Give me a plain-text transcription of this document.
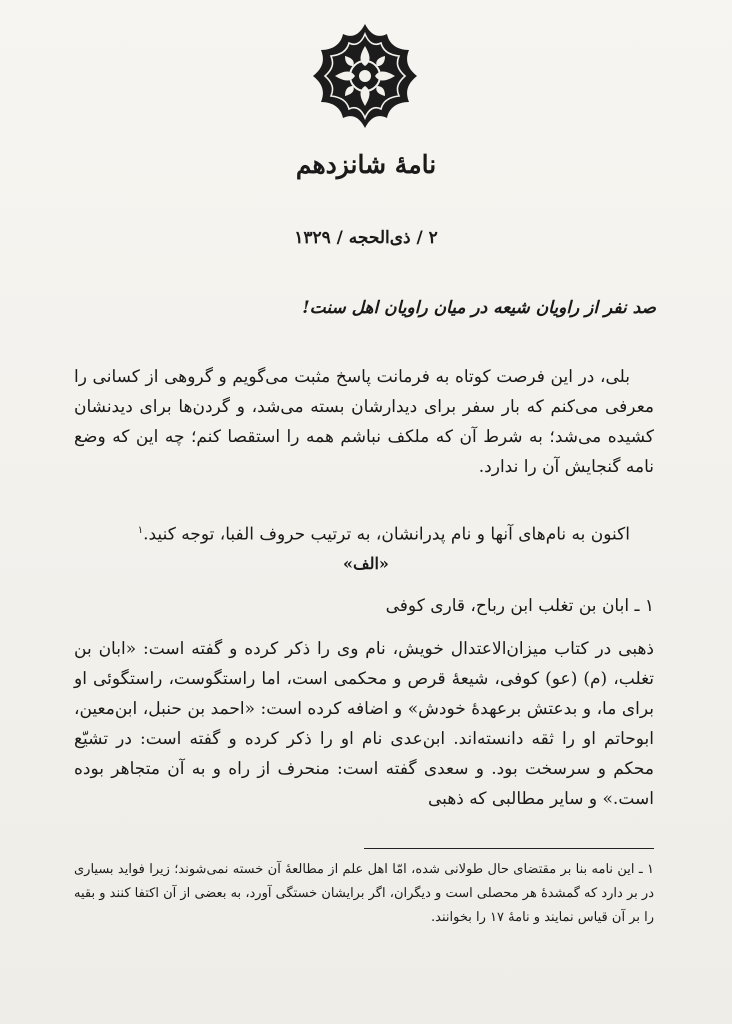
نامهٔ شانزدهم
۲ / ذی‌الحجه / ۱۳۲۹
صد نفر از راویان شیعه در میان راویان اهل سنت!

بلی، در این فرصت کوتاه به فرمانت پاسخ مثبت می‌گویم و گروهی از کسانی را معرفی می‌کنم که بار سفر برای دیدارشان بسته می‌شد، و گردن‌ها برای دیدنشان کشیده می‌شد؛ به شرط آن که ملکف نباشم همه را استقصا کنم؛ چه این که وضع نامه گنجایش آن را ندارد.

اکنون به نام‌های آنها و نام پدرانشان، به ترتیب حروف الفبا، توجه کنید.$^۱$

«الف»
۱ ـ ابان بن تغلب ابن رباح، قاری کوفی

ذهبی در کتاب میزان‌الاعتدال خویش، نام وی را ذکر کرده و گفته است: «ابان بن تغلب، (م) (عو) کوفی، شیعهٔ قرص و محکمی است، اما راستگوست، راستگوئی او برای ما، و بدعتش برعهدهٔ خودش» و اضافه کرده است: «احمد بن حنبل، ابن‌معین، ابوحاتم او را ثقه دانسته‌اند. ابن‌عدی نام او را ذکر کرده و گفته است: در تشیّع محکم و سرسخت بود. و سعدی گفته است: منحرف از راه و به آن متجاهر بوده است.» و سایر مطالبی که ذهبی

۱ ـ این نامه بنا بر مقتضای حال طولانی شده، امّا اهل علم از مطالعهٔ آن خسته نمی‌شوند؛ زیرا فواید بسیاری در بر دارد که گمشدهٔ هر محصلی است و دیگران، اگر برایشان خستگی آورد، به بعضی از آن اکتفا کنند و بقیه را بر آن قیاس نمایند و نامهٔ ۱۷ را بخوانند.
